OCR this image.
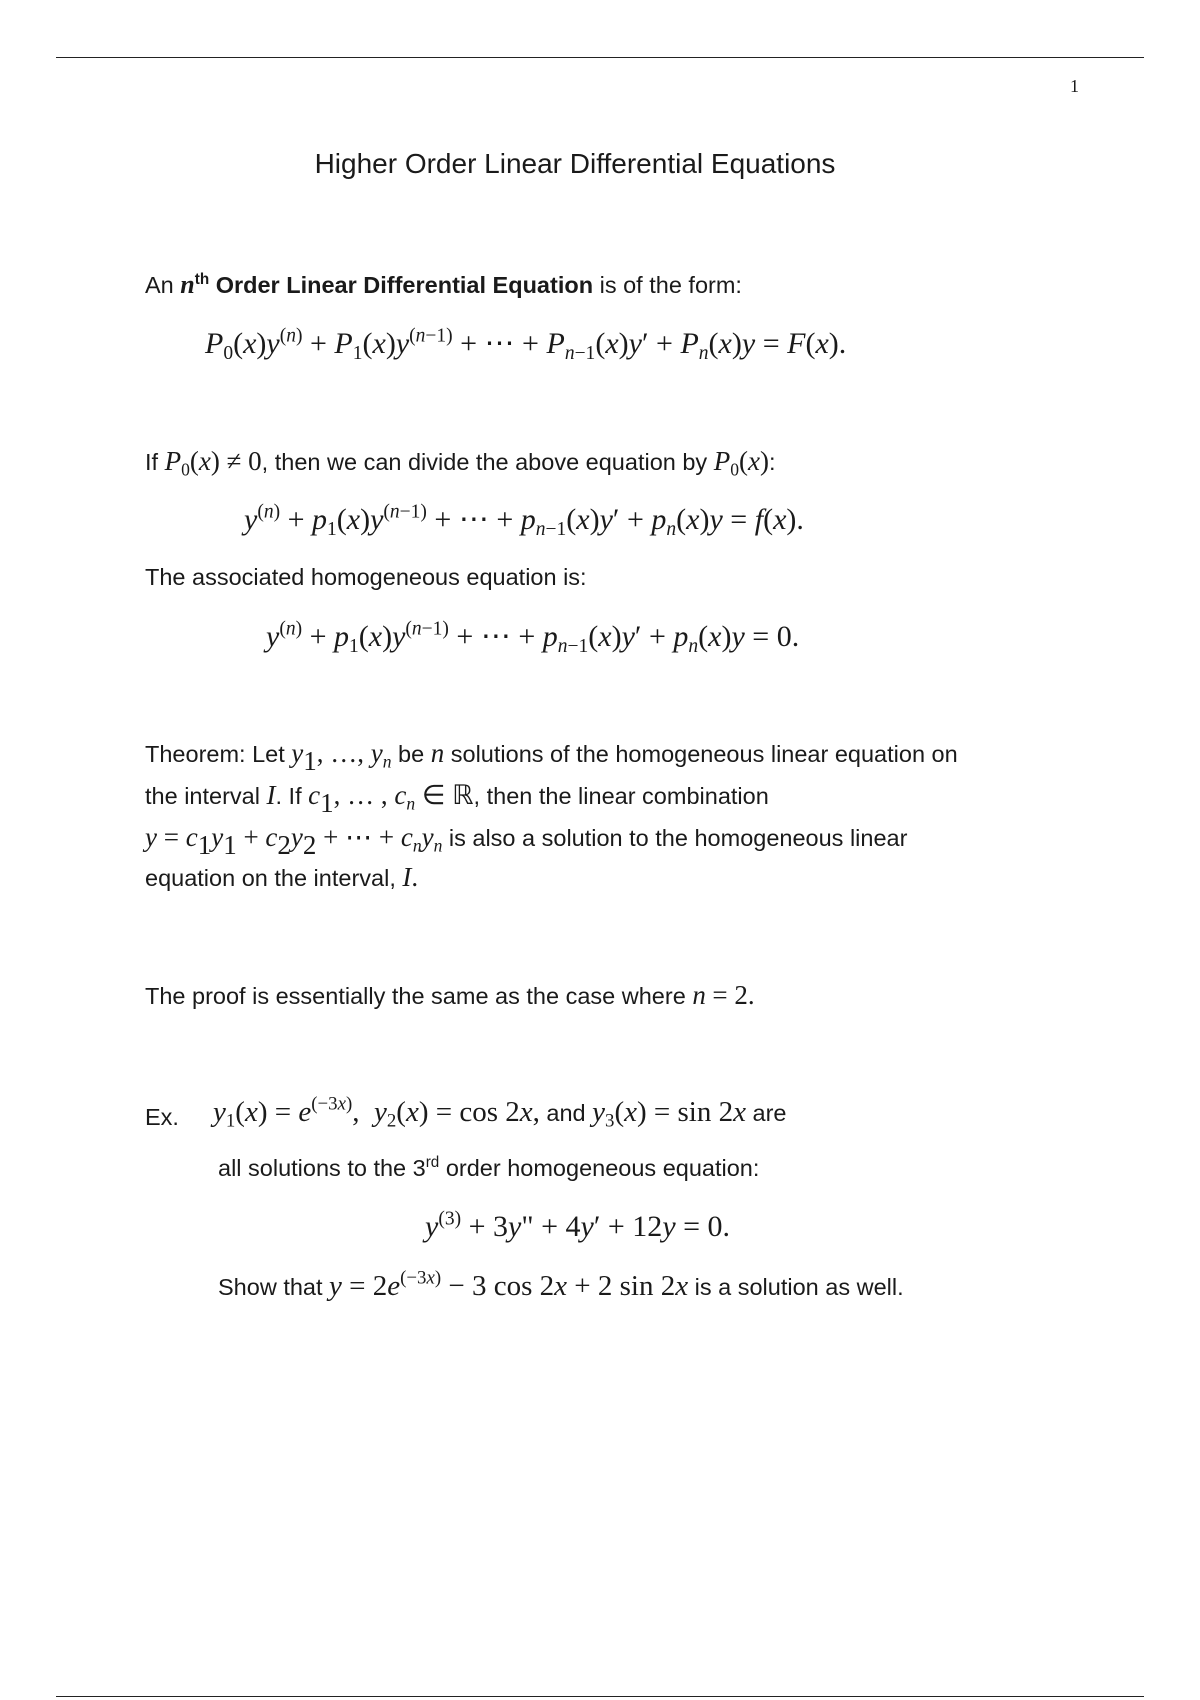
1
Higher Order Linear Differential Equations
An $n^{th}$ Order Linear Differential Equation is of the form:
$P_0(x)y^{(n)} + P_1(x)y^{(n-1)}$ + ⋯ + $P_{n-1}(x)y' + P_n(x)y = F(x)$.
If $P_0(x) \ne 0$, then we can divide the above equation by $P_0(x)$:
$y^{(n)} + p_1(x)y^{(n-1)}$ + ⋯ + $p_{n-1}(x)y' + p_n(x)y = f(x)$.
The associated homogeneous equation is:
$y^{(n)} + p_1(x)y^{(n-1)}$ + ⋯ + $p_{n-1}(x)y' + p_n(x)y = 0$.
Theorem: Let $y_1$, …, $y_n$ be n solutions of the homogeneous linear equation on
the interval I. If $c_1$, … , $c_n$ ∈ ℝ, then the linear combination
$y = c_1y_1 + c_2y_2$ + ⋯ + $c_ny_n$ is also a solution to the homogeneous linear
equation on the interval, I.
The proof is essentially the same as the case where n = 2.
Ex. $y_1(x) = e^{(-3x)}$,  $y_2(x) = \cos 2x$, and $y_3(x) = \sin 2x$ are
all solutions to the 3rd order homogeneous equation:
$y^{(3)} + 3y$" + 4y′ + 12y = 0.
Show that $y = 2e^{(-3x)} - 3$ cos 2x + 2 sin 2x is a solution as well.
